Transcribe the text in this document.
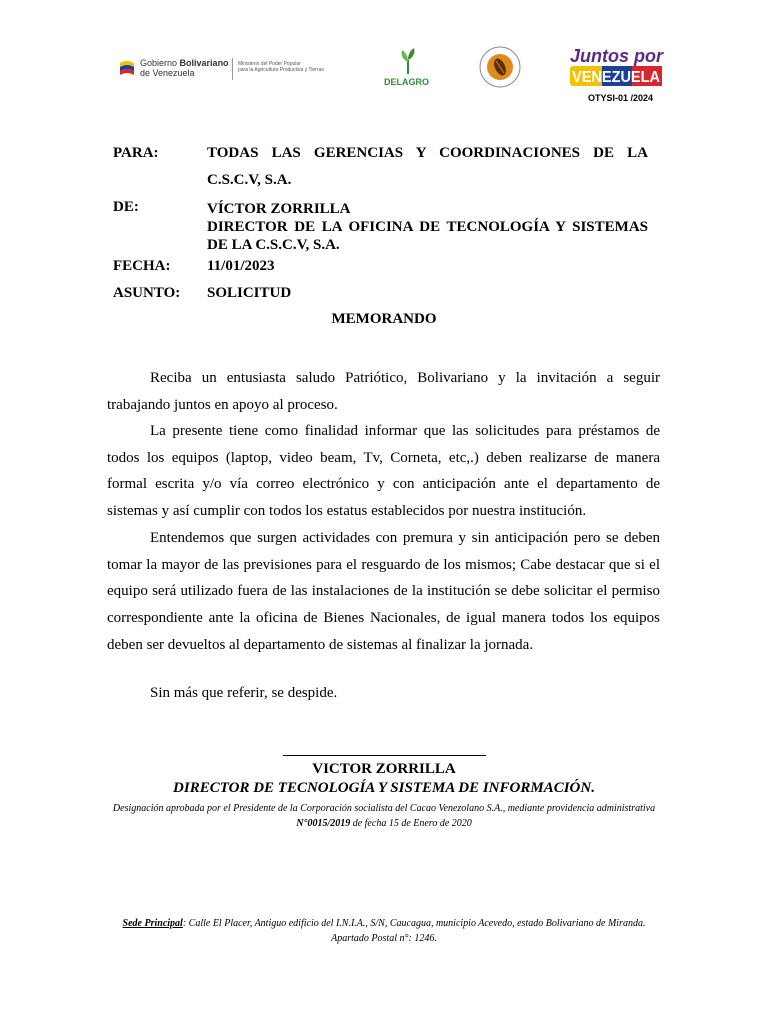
Gobierno Bolivariano
de Venezuela
Ministerio del Poder Popular
para la Agricultura Productiva y Tierras
DELAGRO
Juntos por
VENEZUELA
OTYSI-01 /2024
PARA:	TODAS LAS GERENCIAS Y COORDINACIONES DE LA
C.S.C.V, S.A.
DE:	VÍCTOR ZORRILLA
DIRECTOR DE LA OFICINA DE TECNOLOGÍA Y SISTEMAS
DE LA C.S.C.V, S.A.
FECHA: 11/01/2023
ASUNTO: SOLICITUD
MEMORANDO
Reciba un entusiasta saludo Patriótico, Bolivariano y la invitación a seguir trabajando juntos en apoyo al proceso.
La presente tiene como finalidad informar que las solicitudes para préstamos de todos los equipos (laptop, video beam, Tv, Corneta, etc,.) deben realizarse de manera formal escrita y/o vía correo electrónico y con anticipación ante el departamento de sistemas y así cumplir con todos los estatus establecidos por nuestra institución.
Entendemos que surgen actividades con premura y sin anticipación pero se deben tomar la mayor de las previsiones para el resguardo de los mismos; Cabe destacar que si el equipo será utilizado fuera de las instalaciones de la institución se debe solicitar el permiso correspondiente ante la oficina de Bienes Nacionales, de igual manera todos los equipos deben ser devueltos al departamento de sistemas al finalizar la jornada.
Sin más que referir, se despide.
VICTOR ZORRILLA
DIRECTOR DE TECNOLOGÍA Y SISTEMA DE INFORMACIÓN.
Designación aprobada por el Presidente de la Corporación socialista del Cacao Venezolano S.A., mediante providencia administrativa N°0015/2019 de fecha 15 de Enero de 2020
Sede Principal: Calle El Placer, Antiguo edificio del I.N.I.A., S/N, Caucagua, municipio Acevedo, estado Bolivariano de Miranda. Apartado Postal n°: 1246.
